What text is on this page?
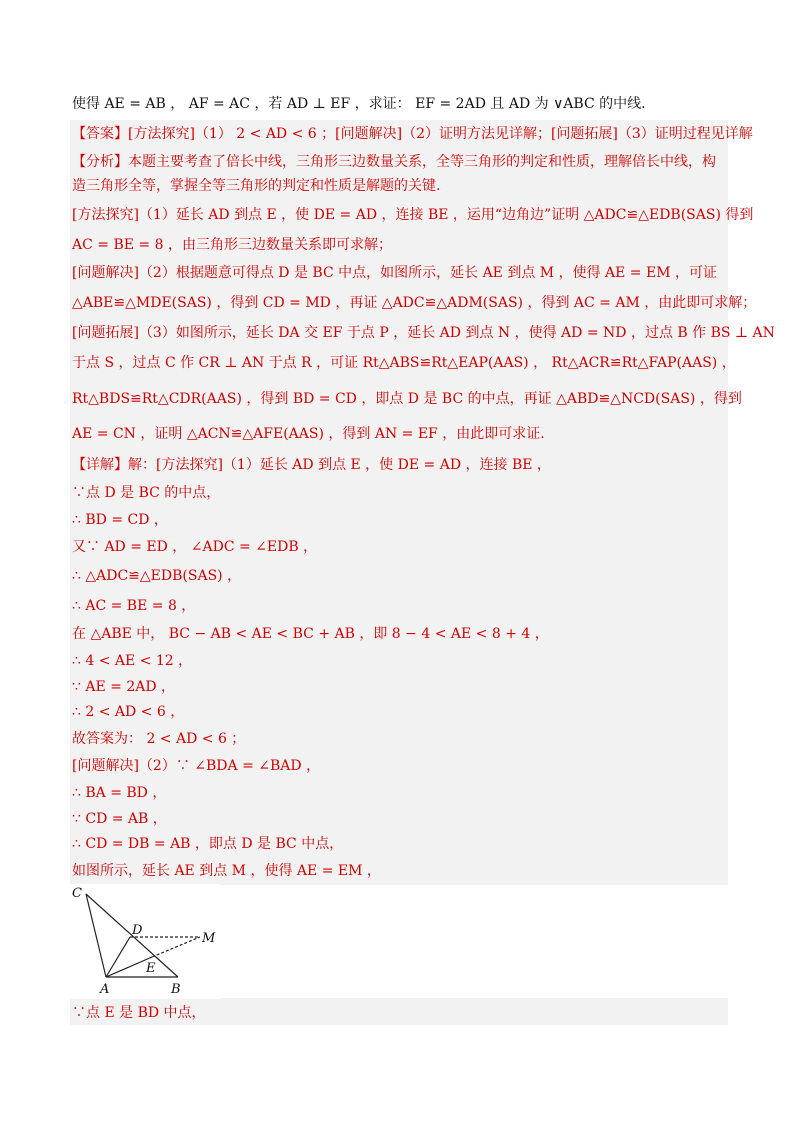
使得 AE = AB ， AF = AC ，若 AD ⊥ EF ，求证： EF = 2AD 且 AD 为 ∨ABC 的中线.
【答案】[方法探究]（1） 2 < AD < 6 ；[问题解决]（2）证明方法见详解；[问题拓展]（3）证明过程见详解
【分析】本题主要考查了倍长中线，三角形三边数量关系，全等三角形的判定和性质，理解倍长中线，构
造三角形全等，掌握全等三角形的判定和性质是解题的关键.
[方法探究]（1）延长 AD 到点 E ，使 DE = AD ，连接 BE ，运用“边角边”证明 △ADC≌△EDB(SAS) 得到
AC = BE = 8 ，由三角形三边数量关系即可求解；
[问题解决]（2）根据题意可得点 D 是 BC 中点，如图所示，延长 AE 到点 M ，使得 AE = EM ，可证
△ABE≌△MDE(SAS) ，得到 CD = MD ，再证 △ADC≌△ADM(SAS) ，得到 AC = AM ，由此即可求解；
[问题拓展]（3）如图所示，延长 DA 交 EF 于点 P ，延长 AD 到点 N ，使得 AD = ND ，过点 B 作 BS ⊥ AN
于点 S ，过点 C 作 CR ⊥ AN 于点 R ，可证 Rt△ABS≌Rt△EAP(AAS) ， Rt△ACR≌Rt△FAP(AAS) ，
Rt△BDS≌Rt△CDR(AAS) ，得到 BD = CD ，即点 D 是 BC 的中点，再证 △ABD≌△NCD(SAS) ，得到
AE = CN ，证明 △ACN≌△AFE(AAS) ，得到 AN = EF ，由此即可求证.
【详解】解：[方法探究]（1）延长 AD 到点 E ，使 DE = AD ，连接 BE ，
∵点 D 是 BC 的中点，
∴ BD = CD ，
又∵ AD = ED ， ∠ADC = ∠EDB ，
∴ △ADC≌△EDB(SAS) ，
∴ AC = BE = 8 ，
在 △ABE 中， BC − AB < AE < BC + AB ，即 8 − 4 < AE < 8 + 4 ，
∴ 4 < AE < 12 ，
∵ AE = 2AD ，
∴ 2 < AD < 6 ，
故答案为： 2 < AD < 6 ；
[问题解决]（2）∵ ∠BDA = ∠BAD ，
∴ BA = BD ，
∵ CD = AB ，
∴ CD = DB = AB ，即点 D 是 BC 中点，
如图所示，延长 AE 到点 M ，使得 AE = EM ，
C
D
M
E
A	B
∵点 E 是 BD 中点，
